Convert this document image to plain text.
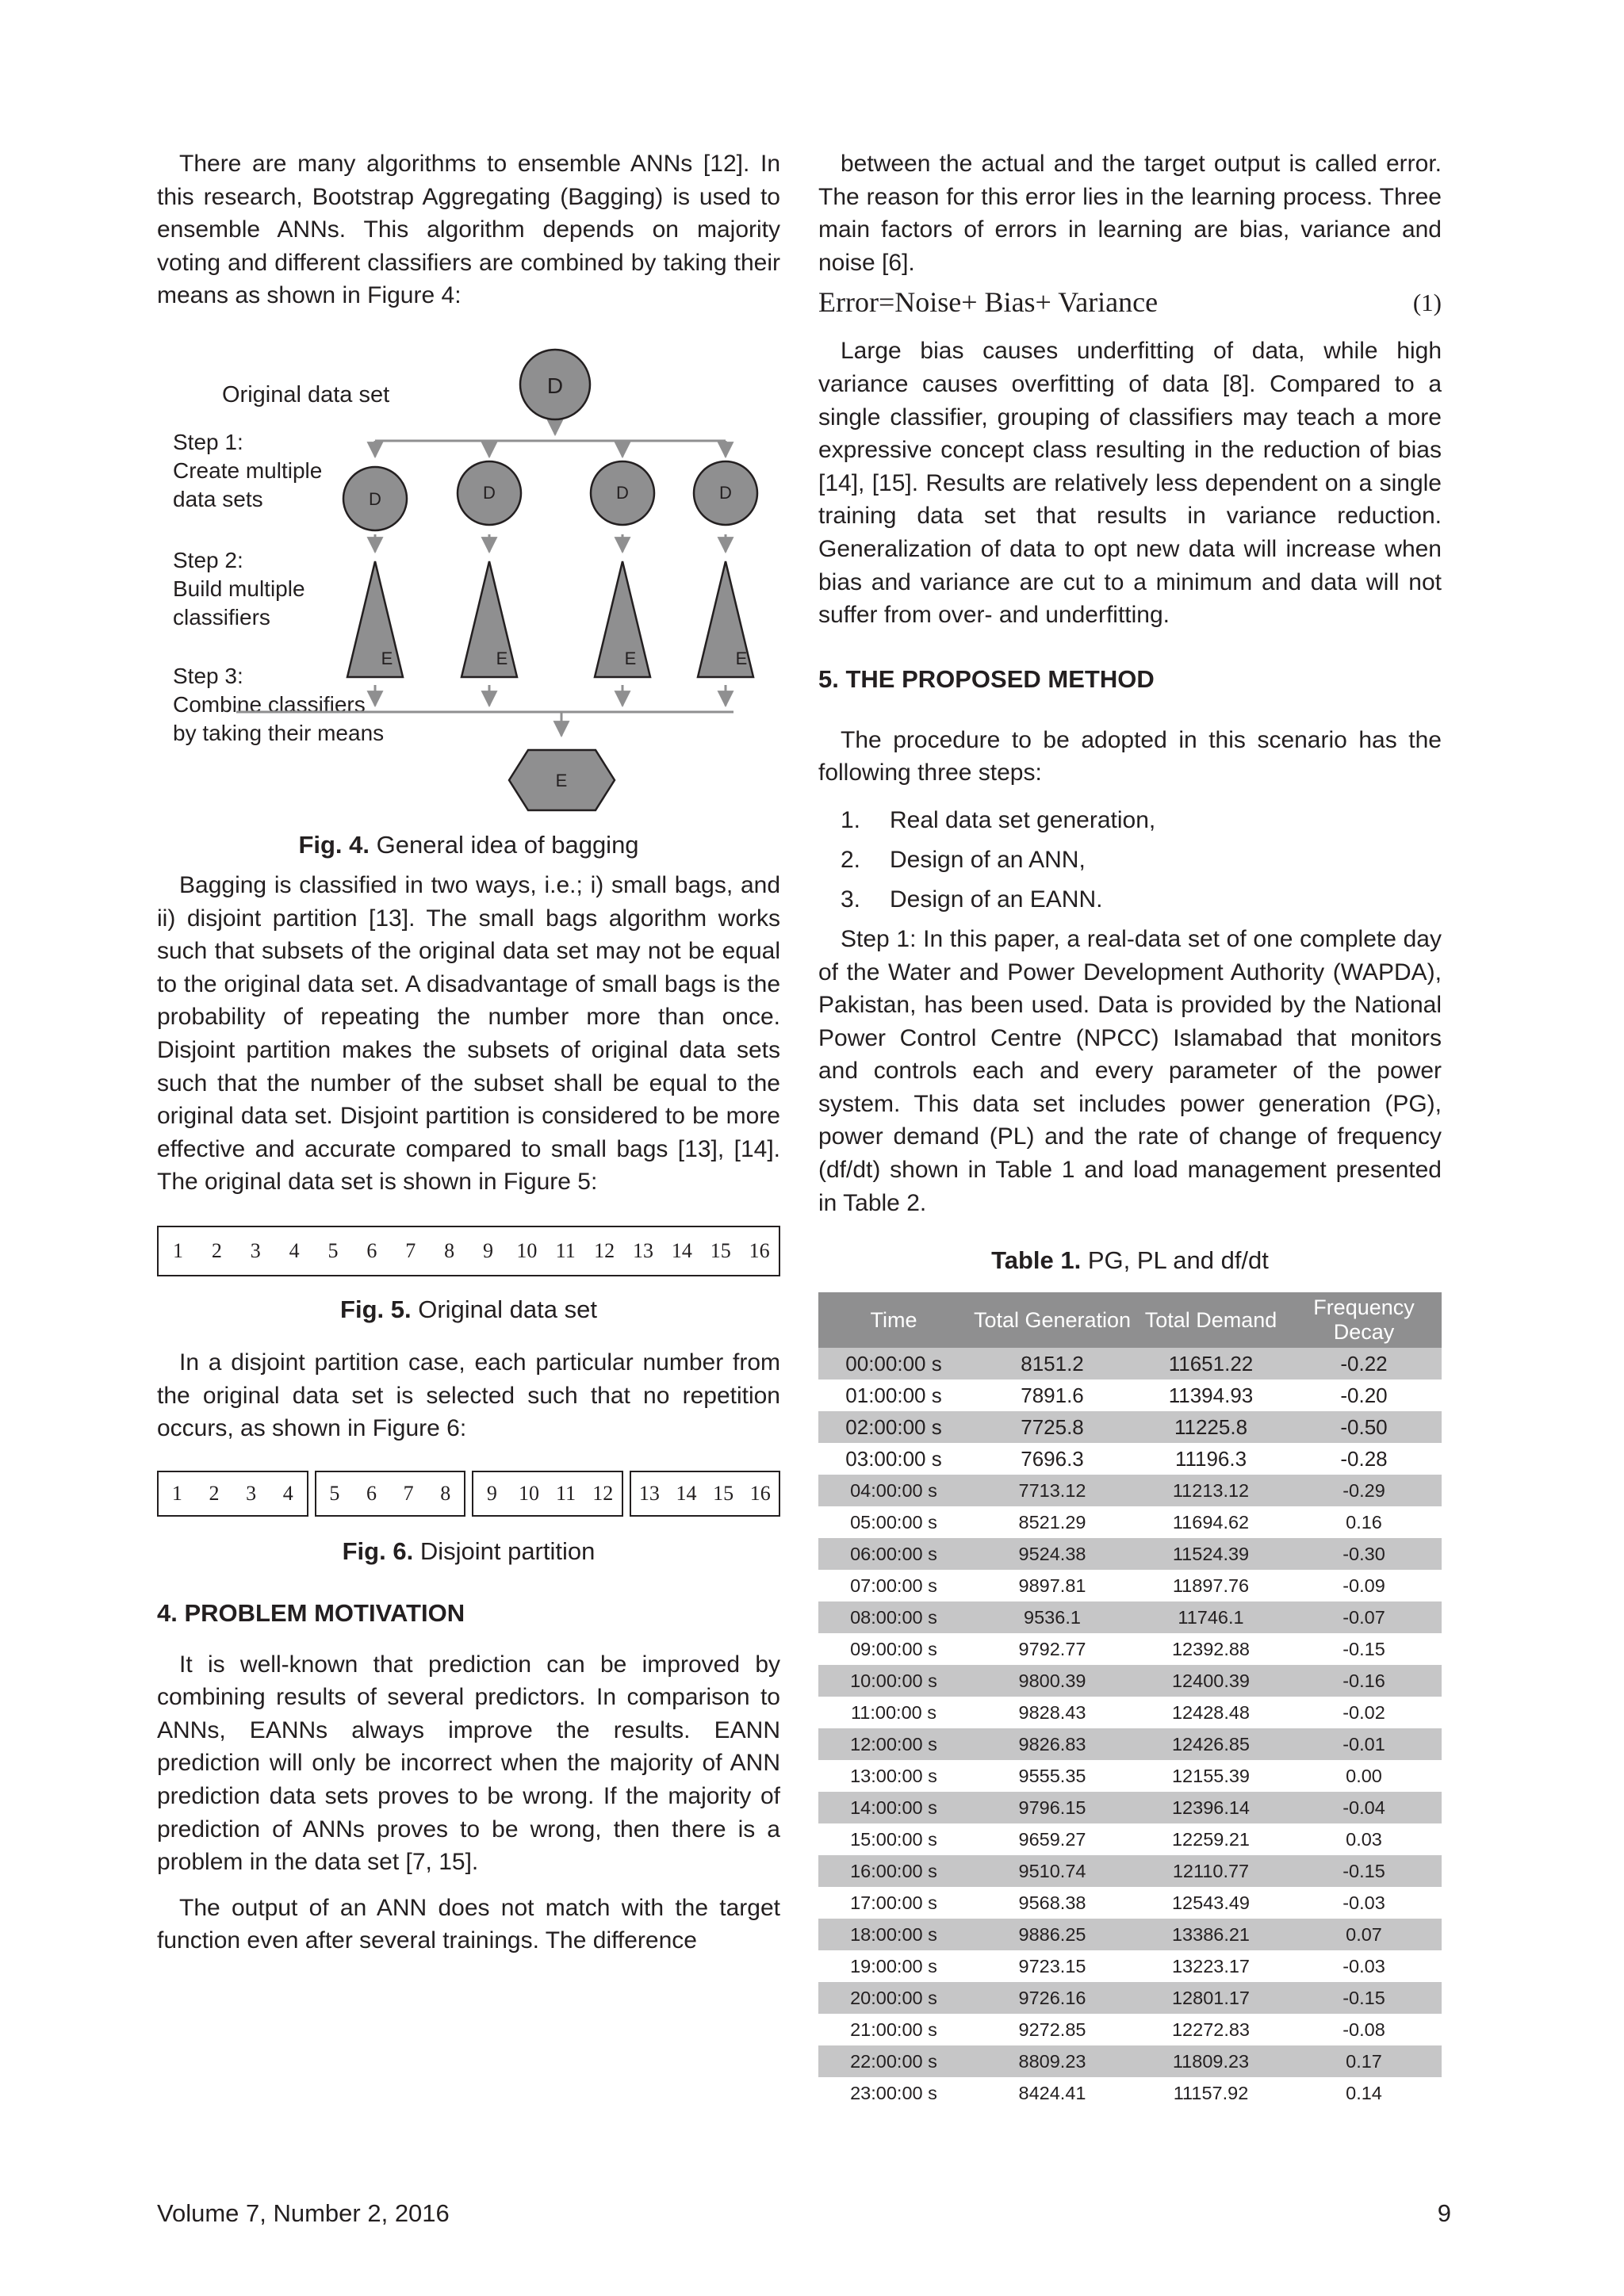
There are many algorithms to ensemble ANNs [12]. In this research, Bootstrap Aggregating (Bagging) is used to ensemble ANNs. This algorithm depends on majority voting and different classifiers are combined by taking their means as shown in Figure 4:

Original data set
Step 1: Create multiple data sets
Step 2: Build multiple classifiers
Step 3: Combine classifiers by taking their means
D
D	D	D	D
E	E	E	E
E

Fig. 4. General idea of bagging

Bagging is classified in two ways, i.e.; i) small bags, and ii) disjoint partition [13]. The small bags algorithm works such that subsets of the original data set may not be equal to the original data set. A disadvantage of small bags is the probability of repeating the number more than once. Disjoint partition makes the subsets of original data sets such that the number of the subset shall be equal to the original data set. Disjoint partition is considered to be more effective and accurate compared to small bags [13], [14]. The original data set is shown in Figure 5:

1	2	3	4	5	6	7	8	9	10 11 12 13 14 15 16

Fig. 5. Original data set

In a disjoint partition case, each particular number from the original data set is selected such that no repetition occurs, as shown in Figure 6:

1	2	3	4	5	6	7	8	9	10 11 12	13 14 15 16

Fig. 6. Disjoint partition

4. PROBLEM MOTIVATION

It is well-known that prediction can be improved by combining results of several predictors. In comparison to ANNs, EANNs always improve the results. EANN prediction will only be incorrect when the majority of ANN prediction data sets proves to be wrong. If the majority of prediction of ANNs proves to be wrong, then there is a problem in the data set [7, 15].

The output of an ANN does not match with the target function even after several trainings. The difference

between the actual and the target output is called error. The reason for this error lies in the learning process. Three main factors of errors in learning are bias, variance and noise [6].

Error=Noise+ Bias+ Variance	(1)

Large bias causes underfitting of data, while high variance causes overfitting of data [8]. Compared to a single classifier, grouping of classifiers may teach a more expressive concept class resulting in the reduction of bias [14], [15]. Results are relatively less dependent on a single training data set that results in variance reduction. Generalization of data to opt new data will increase when bias and variance are cut to a minimum and data will not suffer from over- and underfitting.

5. THE PROPOSED METHOD

The procedure to be adopted in this scenario has the following three steps:

1.	Real data set generation,
2.	Design of an ANN,
3.	Design of an EANN.

Step 1: In this paper, a real-data set of one complete day of the Water and Power Development Authority (WAPDA), Pakistan, has been used. Data is provided by the National Power Control Centre (NPCC) Islamabad that monitors and controls each and every parameter of the power system. This data set includes power generation (PG), power demand (PL) and the rate of change of frequency (df/dt) shown in Table 1 and load management presented in Table 2.

Table 1. PG, PL and df/dt

Time	Total Generation	Total Demand	Frequency Decay
00:00:00 s	8151.2	11651.22	-0.22
01:00:00 s	7891.6	11394.93	-0.20
02:00:00 s	7725.8	11225.8	-0.50
03:00:00 s	7696.3	11196.3	-0.28
04:00:00 s	7713.12	11213.12	-0.29
05:00:00 s	8521.29	11694.62	0.16
06:00:00 s	9524.38	11524.39	-0.30
07:00:00 s	9897.81	11897.76	-0.09
08:00:00 s	9536.1	11746.1	-0.07
09:00:00 s	9792.77	12392.88	-0.15
10:00:00 s	9800.39	12400.39	-0.16
11:00:00 s	9828.43	12428.48	-0.02
12:00:00 s	9826.83	12426.85	-0.01
13:00:00 s	9555.35	12155.39	0.00
14:00:00 s	9796.15	12396.14	-0.04
15:00:00 s	9659.27	12259.21	0.03
16:00:00 s	9510.74	12110.77	-0.15
17:00:00 s	9568.38	12543.49	-0.03
18:00:00 s	9886.25	13386.21	0.07
19:00:00 s	9723.15	13223.17	-0.03
20:00:00 s	9726.16	12801.17	-0.15
21:00:00 s	9272.85	12272.83	-0.08
22:00:00 s	8809.23	11809.23	0.17
23:00:00 s	8424.41	11157.92	0.14
Volume 7, Number 2, 2016	9
